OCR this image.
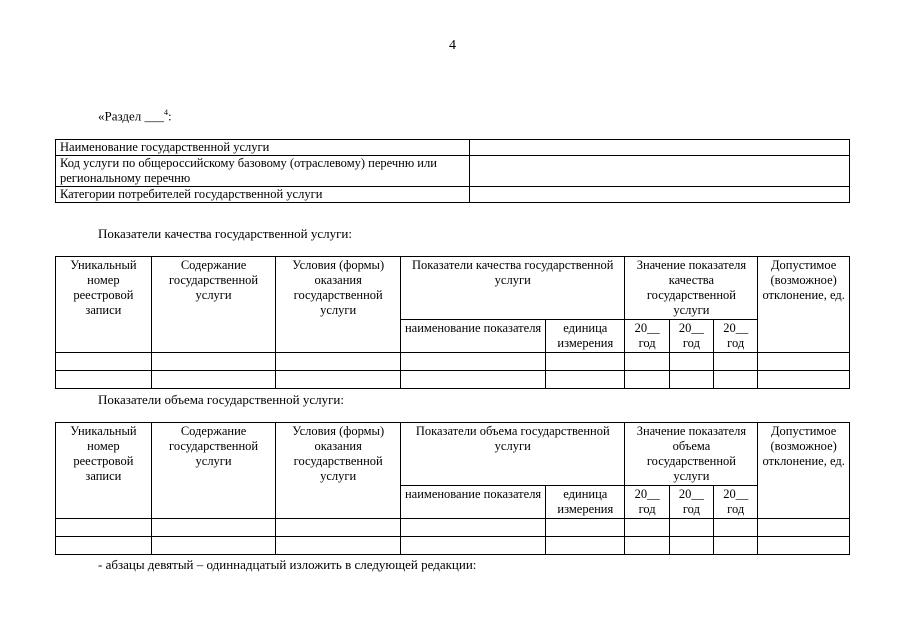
4
«Раздел ___$^4$:
Наименование государственной услуги	
Код услуги по общероссийскому базовому (отраслевому) перечню или региональному перечню	
Категории потребителей государственной услуги	
Показатели качества государственной услуги:
Уникальный номер реестровой записи	Содержание государственной услуги	Условия (формы) оказания государственной услуги	Показатели качества государственной услуги		Значение показателя качества государственной услуги			Допустимое (возможное) отклонение, ед.
			наименование показателя	единица измерения	20__ год	20__ год	20__ год	

Показатели объема государственной услуги:
Уникальный номер реестровой записи	Содержание государственной услуги	Условия (формы) оказания государственной услуги	Показатели объема государственной услуги		Значение показателя объема государственной услуги			Допустимое (возможное) отклонение, ед.
			наименование показателя	единица измерения	20__ год	20__ год	20__ год	

- абзацы девятый – одиннадцатый изложить в следующей редакции:
